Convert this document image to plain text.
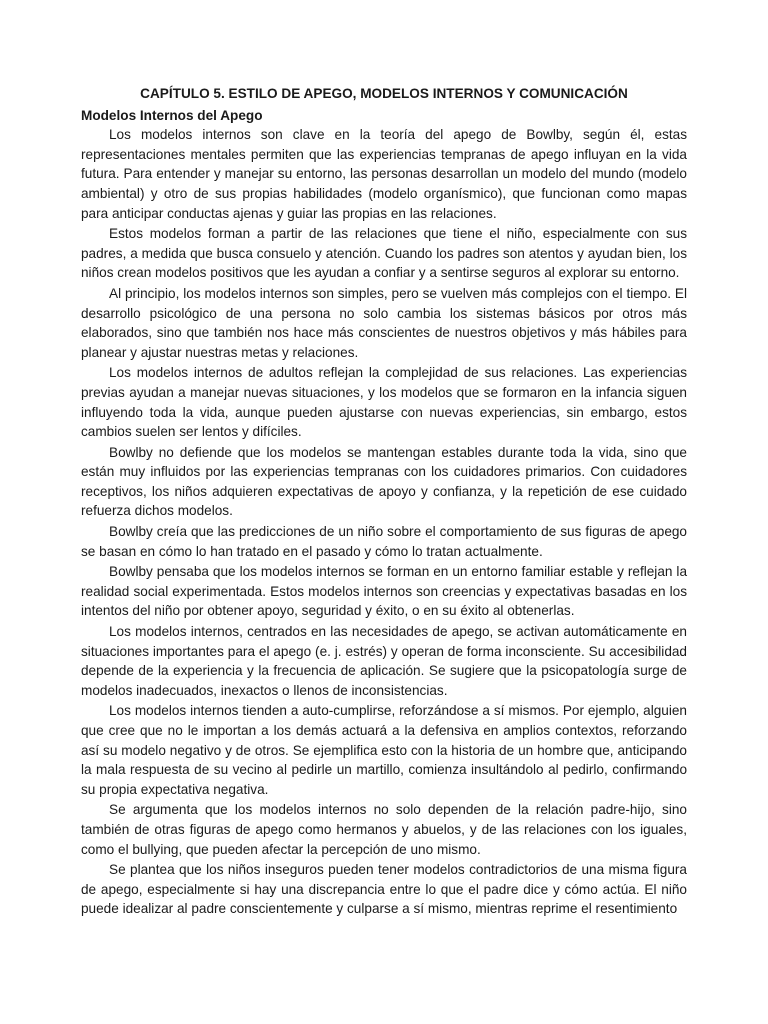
CAPÍTULO 5. ESTILO DE APEGO, MODELOS INTERNOS Y COMUNICACIÓN
Modelos Internos del Apego

Los modelos internos son clave en la teoría del apego de Bowlby, según él, estas representaciones mentales permiten que las experiencias tempranas de apego influyan en la vida futura. Para entender y manejar su entorno, las personas desarrollan un modelo del mundo (modelo ambiental) y otro de sus propias habilidades (modelo organísmico), que funcionan como mapas para anticipar conductas ajenas y guiar las propias en las relaciones.

Estos modelos forman a partir de las relaciones que tiene el niño, especialmente con sus padres, a medida que busca consuelo y atención. Cuando los padres son atentos y ayudan bien, los niños crean modelos positivos que les ayudan a confiar y a sentirse seguros al explorar su entorno.

Al principio, los modelos internos son simples, pero se vuelven más complejos con el tiempo. El desarrollo psicológico de una persona no solo cambia los sistemas básicos por otros más elaborados, sino que también nos hace más conscientes de nuestros objetivos y más hábiles para planear y ajustar nuestras metas y relaciones.

Los modelos internos de adultos reflejan la complejidad de sus relaciones. Las experiencias previas ayudan a manejar nuevas situaciones, y los modelos que se formaron en la infancia siguen influyendo toda la vida, aunque pueden ajustarse con nuevas experiencias, sin embargo, estos cambios suelen ser lentos y difíciles.

Bowlby no defiende que los modelos se mantengan estables durante toda la vida, sino que están muy influidos por las experiencias tempranas con los cuidadores primarios. Con cuidadores receptivos, los niños adquieren expectativas de apoyo y confianza, y la repetición de ese cuidado refuerza dichos modelos.

Bowlby creía que las predicciones de un niño sobre el comportamiento de sus figuras de apego se basan en cómo lo han tratado en el pasado y cómo lo tratan actualmente.

Bowlby pensaba que los modelos internos se forman en un entorno familiar estable y reflejan la realidad social experimentada. Estos modelos internos son creencias y expectativas basadas en los intentos del niño por obtener apoyo, seguridad y éxito, o en su éxito al obtenerlas.

Los modelos internos, centrados en las necesidades de apego, se activan automáticamente en situaciones importantes para el apego (e. j. estrés) y operan de forma inconsciente. Su accesibilidad depende de la experiencia y la frecuencia de aplicación. Se sugiere que la psicopatología surge de modelos inadecuados, inexactos o llenos de inconsistencias.

Los modelos internos tienden a auto-cumplirse, reforzándose a sí mismos. Por ejemplo, alguien que cree que no le importan a los demás actuará a la defensiva en amplios contextos, reforzando así su modelo negativo y de otros. Se ejemplifica esto con la historia de un hombre que, anticipando la mala respuesta de su vecino al pedirle un martillo, comienza insultándolo al pedirlo, confirmando su propia expectativa negativa.

Se argumenta que los modelos internos no solo dependen de la relación padre-hijo, sino también de otras figuras de apego como hermanos y abuelos, y de las relaciones con los iguales, como el bullying, que pueden afectar la percepción de uno mismo.

Se plantea que los niños inseguros pueden tener modelos contradictorios de una misma figura de apego, especialmente si hay una discrepancia entre lo que el padre dice y cómo actúa. El niño puede idealizar al padre conscientemente y culparse a sí mismo, mientras reprime el resentimiento
